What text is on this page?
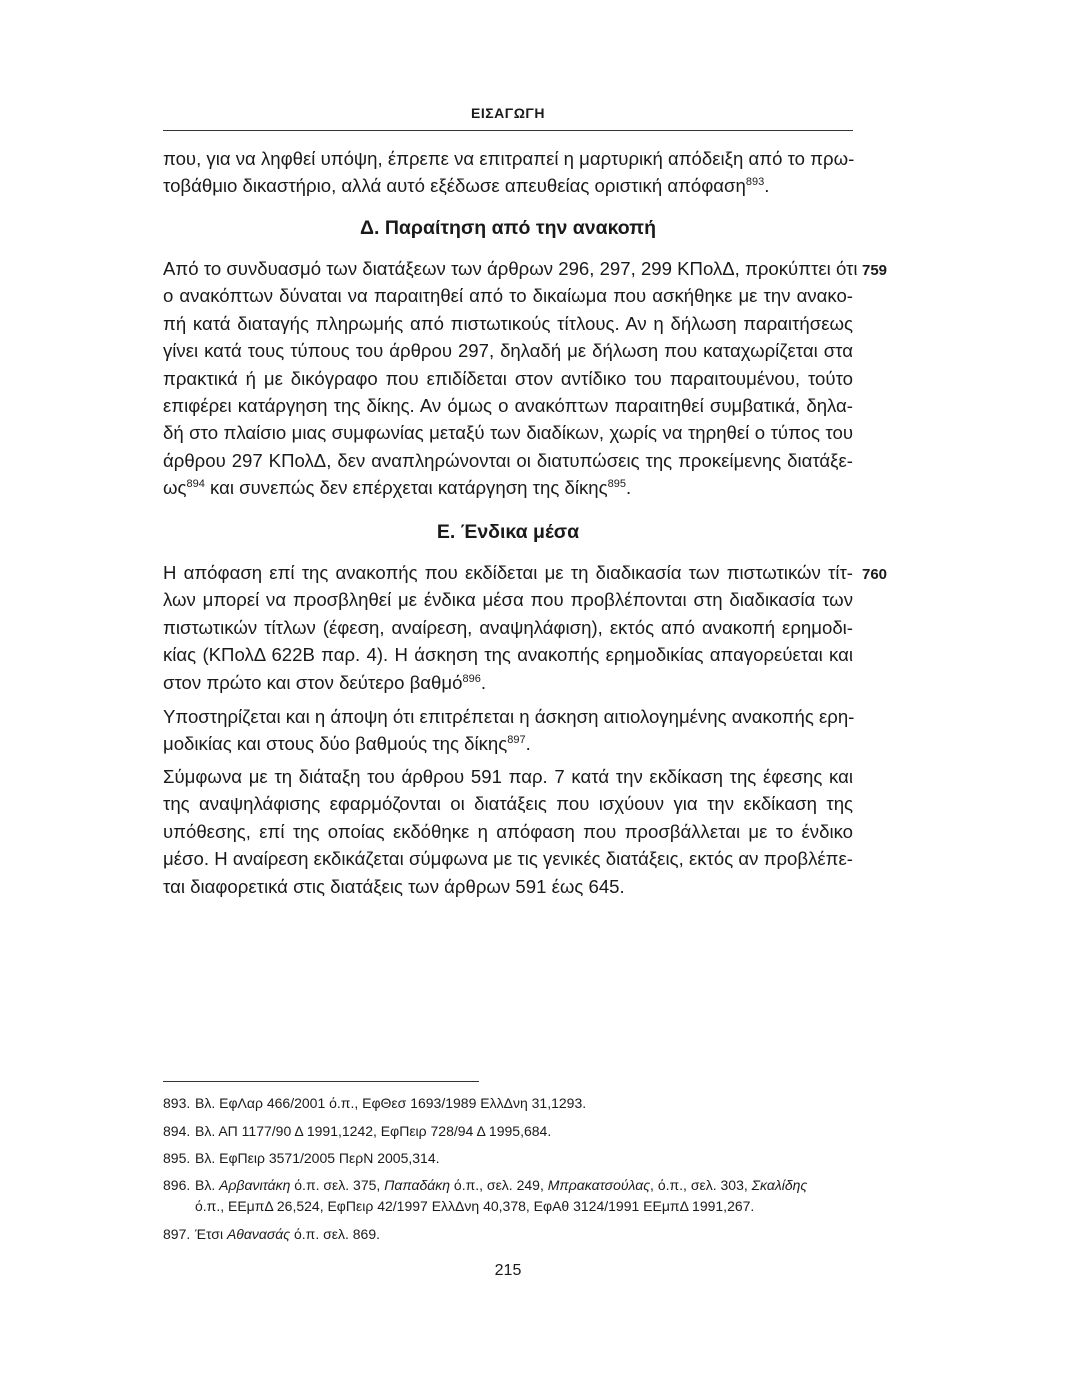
ΕΙΣΑΓΩΓΗ
που, για να ληφθεί υπόψη, έπρεπε να επιτραπεί η μαρτυρική απόδειξη από το πρω-
τοβάθμιο δικαστήριο, αλλά αυτό εξέδωσε απευθείας οριστική απόφαση$^{893}$.
Δ. Παραίτηση από την ανακοπή
759
Από το συνδυασμό των διατάξεων των άρθρων 296, 297, 299 ΚΠολΔ, προκύπτει ότι
ο ανακόπτων δύναται να παραιτηθεί από το δικαίωμα που ασκήθηκε με την ανακο-
πή κατά διαταγής πληρωμής από πιστωτικούς τίτλους. Αν η δήλωση παραιτήσεως
γίνει κατά τους τύπους του άρθρου 297, δηλαδή με δήλωση που καταχωρίζεται στα
πρακτικά ή με δικόγραφο που επιδίδεται στον αντίδικο του παραιτουμένου, τούτο
επιφέρει κατάργηση της δίκης. Αν όμως ο ανακόπτων παραιτηθεί συμβατικά, δηλα-
δή στο πλαίσιο μιας συμφωνίας μεταξύ των διαδίκων, χωρίς να τηρηθεί ο τύπος του
άρθρου 297 ΚΠολΔ, δεν αναπληρώνονται οι διατυπώσεις της προκείμενης διατάξε-
$\omega\varsigma^{894}$ και συνεπώς δεν επέρχεται κατάργηση της δίκης$^{895}$.
Ε. Ένδικα μέσα
760
Η απόφαση επί της ανακοπής που εκδίδεται με τη διαδικασία των πιστωτικών τίτ-
λων μπορεί να προσβληθεί με ένδικα μέσα που προβλέπονται στη διαδικασία των
πιστωτικών τίτλων (έφεση, αναίρεση, αναψηλάφιση), εκτός από ανακοπή ερημοδι-
κίας (ΚΠολΔ 622Β παρ. 4). Η άσκηση της ανακοπής ερημοδικίας απαγορεύεται και
στον πρώτο και στον δεύτερο βαθμό$^{896}$.
Υποστηρίζεται και η άποψη ότι επιτρέπεται η άσκηση αιτιολογημένης ανακοπής ερη-
μοδικίας και στους δύο βαθμούς της δίκης$^{897}$.
Σύμφωνα με τη διάταξη του άρθρου 591 παρ. 7 κατά την εκδίκαση της έφεσης και
της αναψηλάφισης εφαρμόζονται οι διατάξεις που ισχύουν για την εκδίκαση της
υπόθεσης, επί της οποίας εκδόθηκε η απόφαση που προσβάλλεται με το ένδικο
μέσο. Η αναίρεση εκδικάζεται σύμφωνα με τις γενικές διατάξεις, εκτός αν προβλέπε-
ται διαφορετικά στις διατάξεις των άρθρων 591 έως 645.
893. Βλ. ΕφΛαρ 466/2001 ό.π., ΕφΘεσ 1693/1989 ΕλλΔνη 31,1293.
894. Βλ. ΑΠ 1177/90 Δ 1991,1242, ΕφΠειρ 728/94 Δ 1995,684.
895. Βλ. ΕφΠειρ 3571/2005 ΠερΝ 2005,314.
896. Βλ. Αρβανιτάκη ό.π. σελ. 375, Παπαδάκη ό.π., σελ. 249, Μπρακατσούλας, ό.π., σελ. 303, Σκαλίδης
ό.π., ΕΕμπΔ 26,524, ΕφΠειρ 42/1997 ΕλλΔνη 40,378, ΕφΑθ 3124/1991 ΕΕμπΔ 1991,267.
897. Έτσι Αθανασάς ό.π. σελ. 869.
215
